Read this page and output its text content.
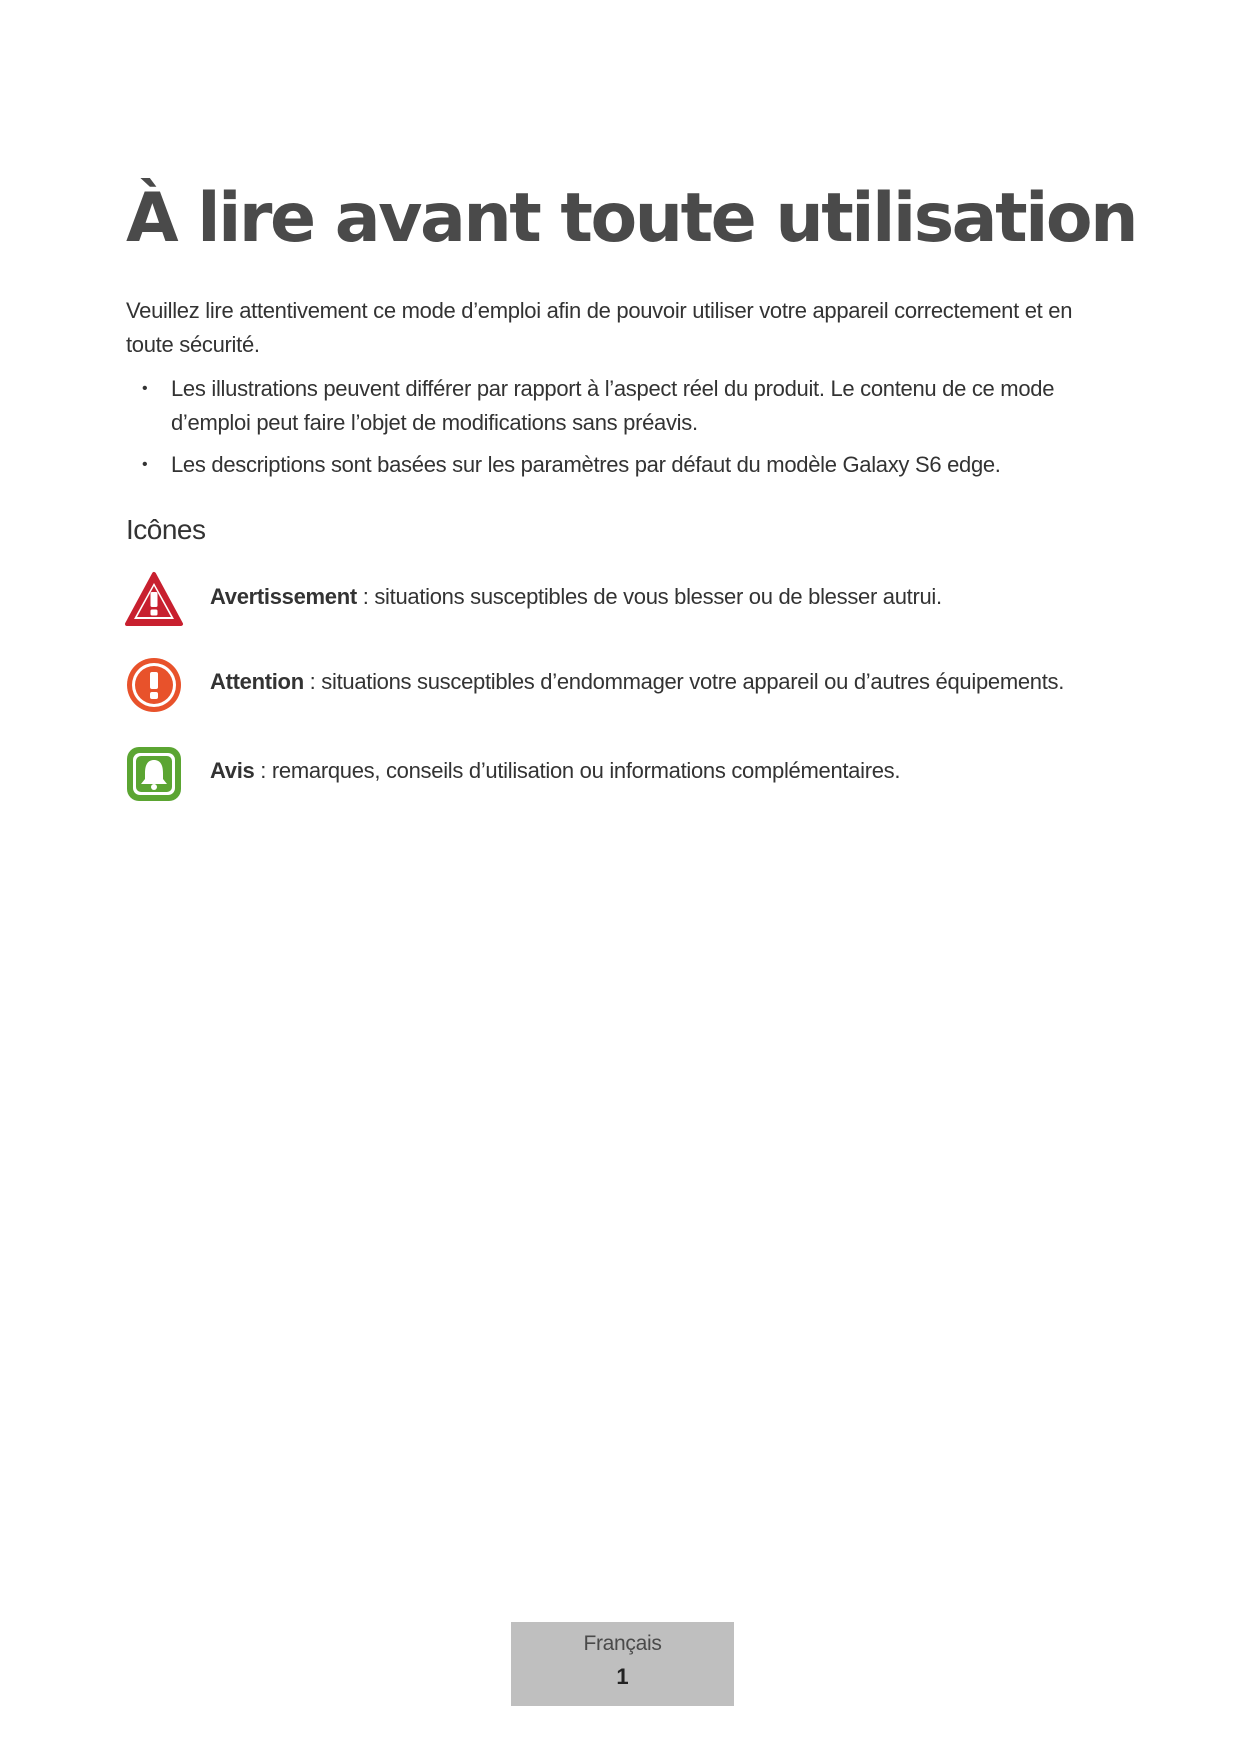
À lire avant toute utilisation

Veuillez lire attentivement ce mode d’emploi afin de pouvoir utiliser votre appareil correctement et en toute sécurité.

• Les illustrations peuvent différer par rapport à l’aspect réel du produit. Le contenu de ce mode d’emploi peut faire l’objet de modifications sans préavis.
• Les descriptions sont basées sur les paramètres par défaut du modèle Galaxy S6 edge.
Icônes
Avertissement : situations susceptibles de vous blesser ou de blesser autrui.
Attention : situations susceptibles d’endommager votre appareil ou d’autres équipements.
Avis : remarques, conseils d’utilisation ou informations complémentaires.
Français
1
